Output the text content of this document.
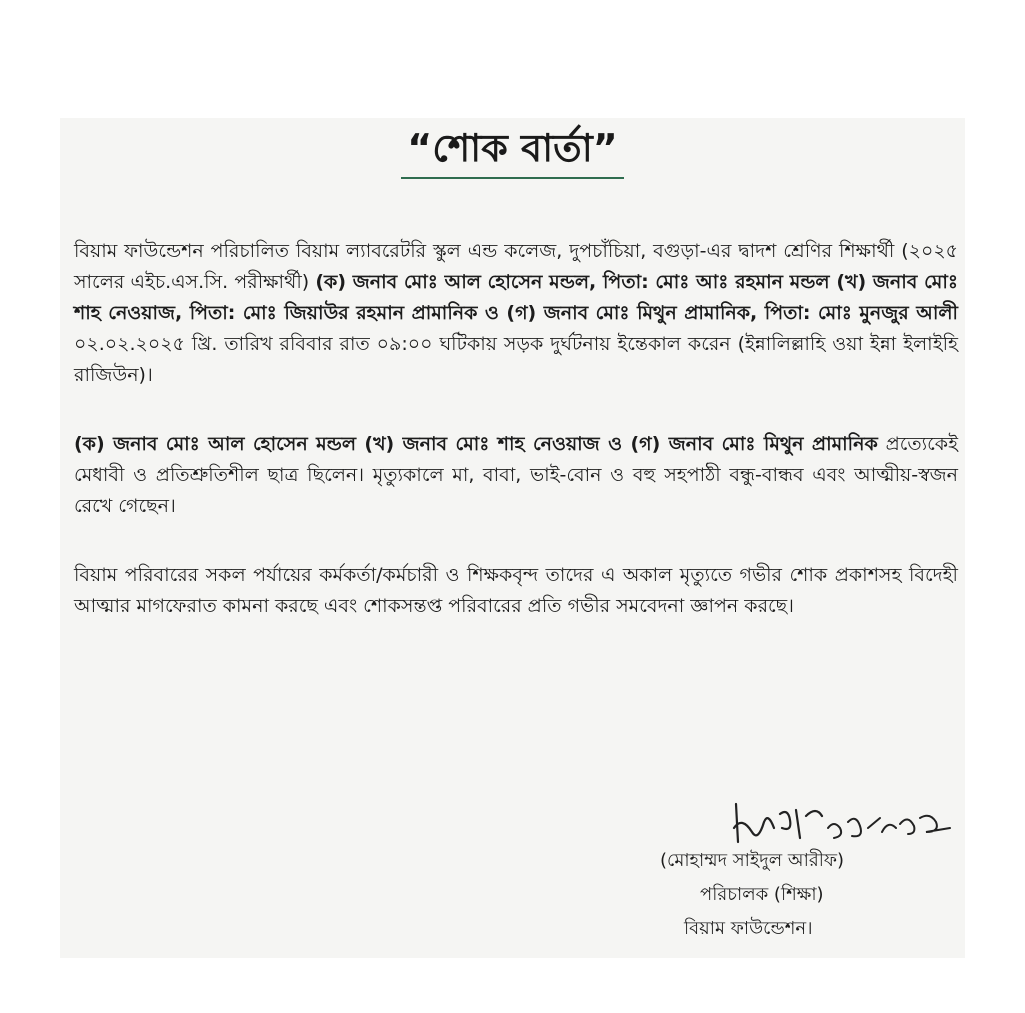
“শোক বার্তা”

বিয়াম ফাউন্ডেশন পরিচালিত বিয়াম ল্যাবরেটরি স্কুল এন্ড কলেজ, দুপচাঁচিয়া, বগুড়া-এর দ্বাদশ শ্রেণির শিক্ষার্থী (২০২৫ সালের এইচ.এস.সি. পরীক্ষার্থী) (ক) জনাব মোঃ আল হোসেন মন্ডল, পিতা: মোঃ আঃ রহমান মন্ডল (খ) জনাব মোঃ শাহ নেওয়াজ, পিতা: মোঃ জিয়াউর রহমান প্রামানিক ও (গ) জনাব মোঃ মিথুন প্রামানিক, পিতা: মোঃ মুনজুর আলী ০২.০২.২০২৫ খ্রি. তারিখ রবিবার রাত ০৯:০০ ঘটিকায় সড়ক দুর্ঘটনায় ইন্তেকাল করেন (ইন্নালিল্লাহি ওয়া ইন্না ইলাইহি রাজিউন)।

(ক) জনাব মোঃ আল হোসেন মন্ডল (খ) জনাব মোঃ শাহ নেওয়াজ ও (গ) জনাব মোঃ মিথুন প্রামানিক প্রত্যেকেই মেধাবী ও প্রতিশ্রুতিশীল ছাত্র ছিলেন। মৃত্যুকালে মা, বাবা, ভাই-বোন ও বহু সহপাঠী বন্ধু-বান্ধব এবং আত্মীয়-স্বজন রেখে গেছেন।

বিয়াম পরিবারের সকল পর্যায়ের কর্মকর্তা/কর্মচারী ও শিক্ষকবৃন্দ তাদের এ অকাল মৃত্যুতে গভীর শোক প্রকাশসহ বিদেহী আত্মার মাগফেরাত কামনা করছে এবং শোকসন্তপ্ত পরিবারের প্রতি গভীর সমবেদনা জ্ঞাপন করছে।

(মোহাম্মদ সাইদুল আরীফ)
পরিচালক (শিক্ষা)
বিয়াম ফাউন্ডেশন।
